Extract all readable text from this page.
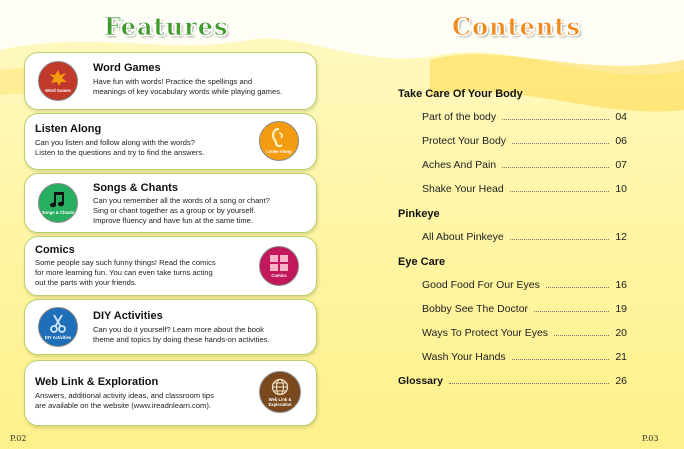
Features
Word Games
Word Games
Have fun with words! Practice the spellings and
meanings of key vocabulary words while playing games.
Listen Along
Can you listen and follow along with the words?
Listen to the questions and try to find the answers.	Listen Along
Songs & Chants
Songs & Chants
Can you remember all the words of a song or chant?
Sing or chant together as a group or by yourself.
Improve fluency and have fun at the same time.
Comics
Some people say such funny things! Read the comics
for more learning fun. You can even take turns acting
out the parts with your friends.
Comics
DIY Activities
DIY Activities
Can you do it yourself? Learn more about the book
theme and topics by doing these hands-on activities.
Web Link & Exploration
Answers, additional activity ideas, and classroom tips
are available on the website (www.ireadnlearn.com).
Web Link &
Exploration
P.02
Contents
Take Care Of Your Body
Part of the body	04
Protect Your Body	06
Aches And Pain	07
Shake Your Head	10
Pinkeye
All About Pinkeye	12
Eye Care
Good Food For Our Eyes	16
Bobby See The Doctor	19
Ways To Protect Your Eyes	20
Wash Your Hands	21
Glossary	26
P.03
